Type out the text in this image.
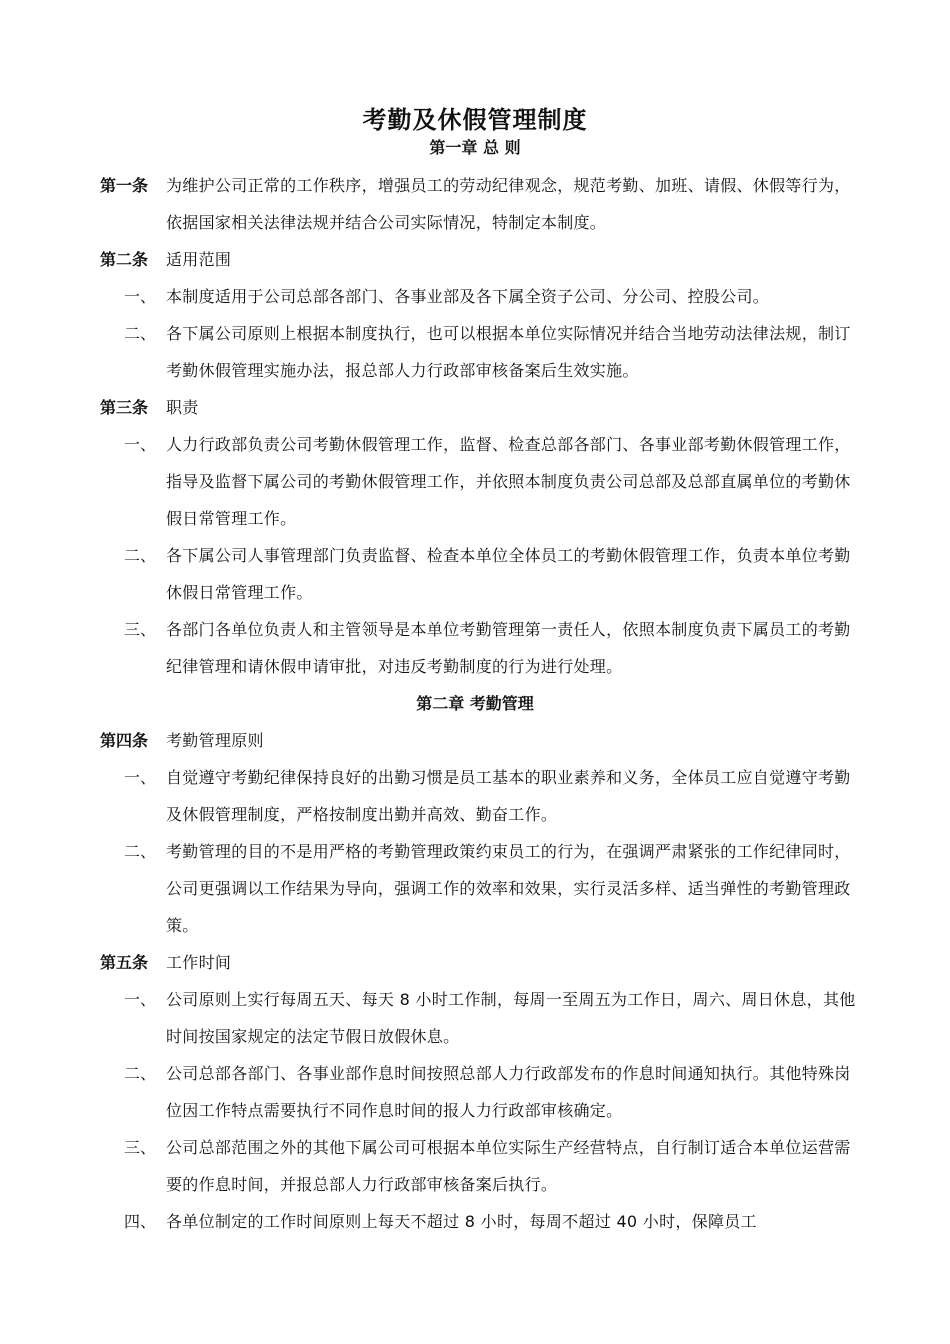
考勤及休假管理制度
第一章 总 则
第一条	为维护公司正常的工作秩序，增强员工的劳动纪律观念，规范考勤、加班、请假、休假等行为，依据国家相关法律法规并结合公司实际情况，特制定本制度。
第二条	适用范围
一、 本制度适用于公司总部各部门、各事业部及各下属全资子公司、分公司、控股公司。
二、 各下属公司原则上根据本制度执行，也可以根据本单位实际情况并结合当地劳动法律法规，制订考勤休假管理实施办法，报总部人力行政部审核备案后生效实施。
第三条	职责
一、 人力行政部负责公司考勤休假管理工作，监督、检查总部各部门、各事业部考勤休假管理工作，指导及监督下属公司的考勤休假管理工作，并依照本制度负责公司总部及总部直属单位的考勤休假日常管理工作。
二、 各下属公司人事管理部门负责监督、检查本单位全体员工的考勤休假管理工作，负责本单位考勤休假日常管理工作。
三、 各部门各单位负责人和主管领导是本单位考勤管理第一责任人，依照本制度负责下属员工的考勤纪律管理和请休假申请审批，对违反考勤制度的行为进行处理。
第四条	考勤管理原则
一、 自觉遵守考勤纪律保持良好的出勤习惯是员工基本的职业素养和义务，全体员工应自觉遵守考勤及休假管理制度，严格按制度出勤并高效、勤奋工作。
二、 考勤管理的目的不是用严格的考勤管理政策约束员工的行为，在强调严肃紧张的工作纪律同时，公司更强调以工作结果为导向，强调工作的效率和效果，实行灵活多样、适当弹性的考勤管理政策。
第五条	工作时间
一、 公司原则上实行每周五天、每天 8 小时工作制，每周一至周五为工作日，周六、周日休息，其他时间按国家规定的法定节假日放假休息。
二、 公司总部各部门、各事业部作息时间按照总部人力行政部发布的作息时间通知执行。其他特殊岗位因工作特点需要执行不同作息时间的报人力行政部审核确定。
三、 公司总部范围之外的其他下属公司可根据本单位实际生产经营特点，自行制订适合本单位运营需要的作息时间，并报总部人力行政部审核备案后执行。
四、 各单位制定的工作时间原则上每天不超过 8 小时，每周不超过 40 小时，保障员工
第二章 考勤管理
